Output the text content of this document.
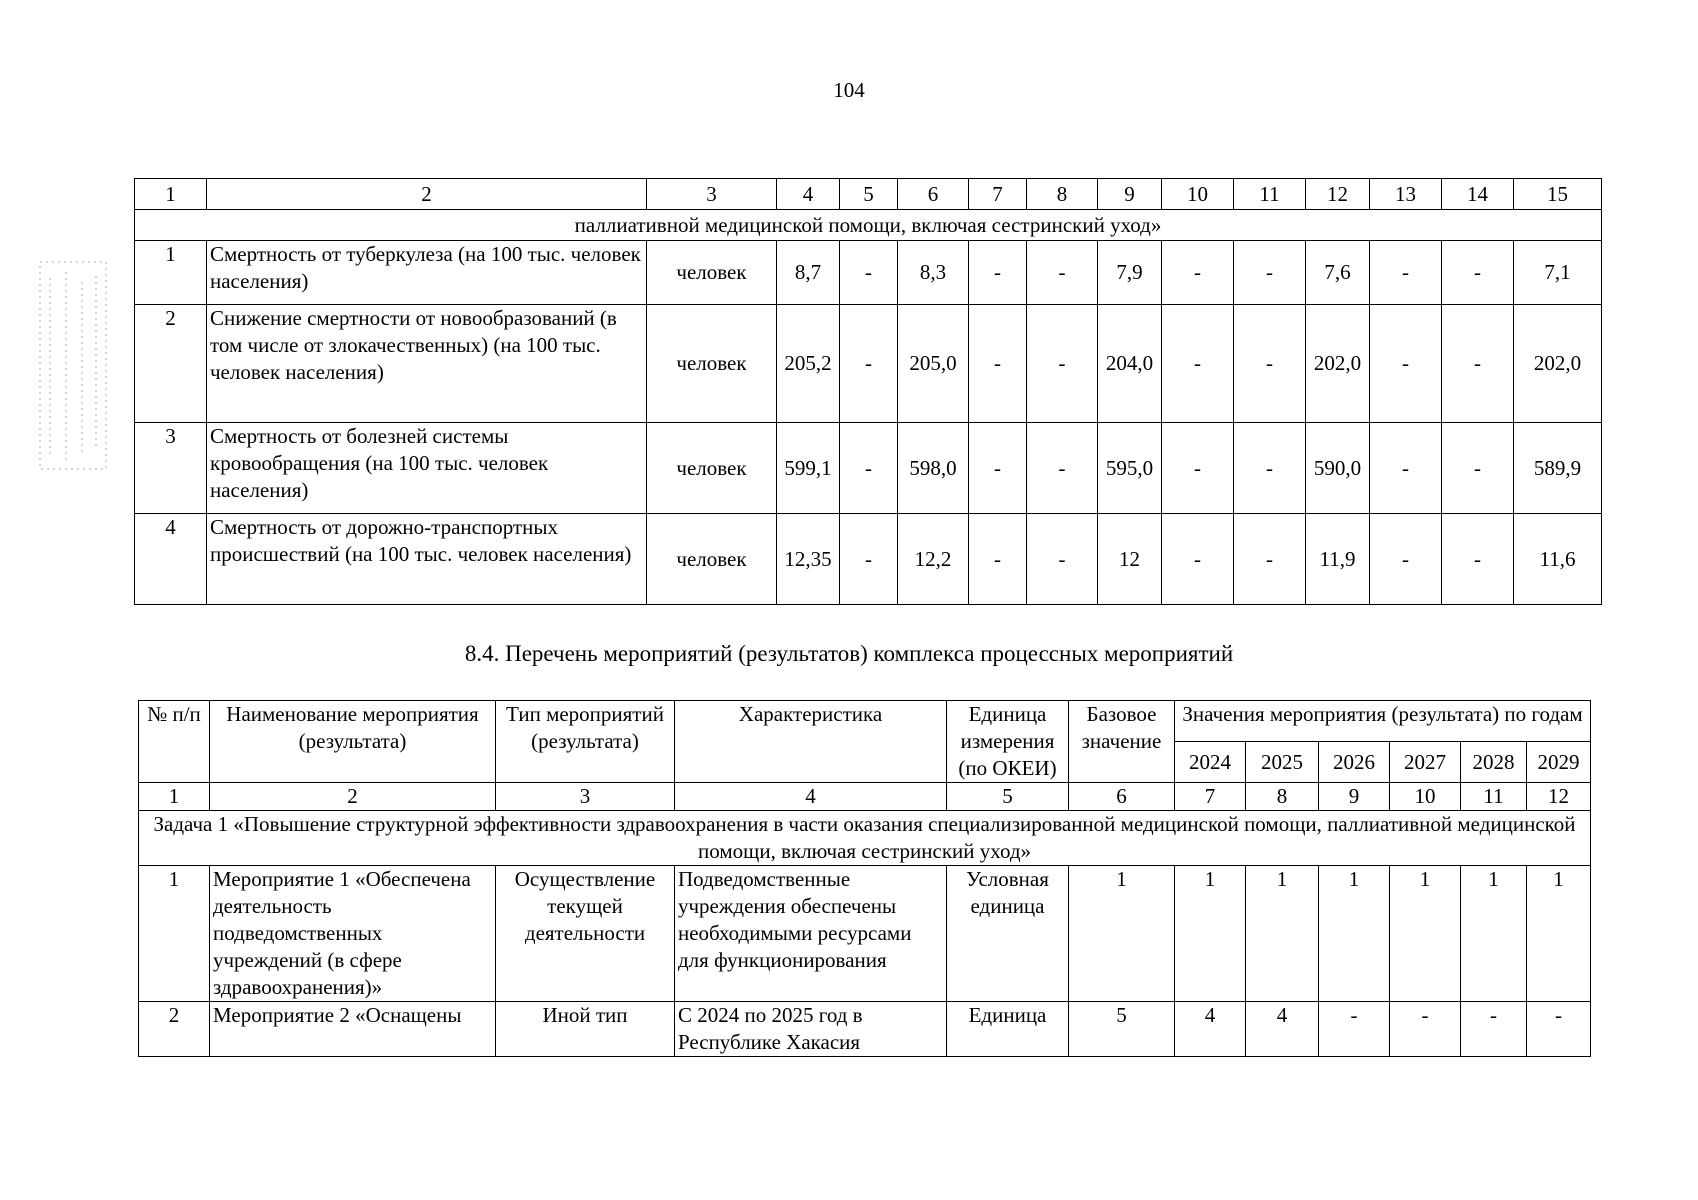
104
1	2	3	4	5	6	7	8	9	10	11	12	13	14	15
паллиативной медицинской помощи, включая сестринский уход»														
1	Смертность от туберкулеза (на 100 тыс. человек населения)	человек	8,7	-	8,3	-	-	7,9	-	-	7,6	-	-	7,1
2	Снижение смертности от новообразований (в том числе от злокачественных) (на 100 тыс. человек населения)	человек	205,2	-	205,0	-	-	204,0	-	-	202,0	-	-	202,0
3	Смертность от болезней системы кровообращения (на 100 тыс. человек населения)	человек	599,1	-	598,0	-	-	595,0	-	-	590,0	-	-	589,9
4	Смертность от дорожно-транспортных происшествий (на 100 тыс. человек населения)	человек	12,35	-	12,2	-	-	12	-	-	11,9	-	-	11,6
8.4. Перечень мероприятий (результатов) комплекса процессных мероприятий
№ п/п	Наименование мероприятия (результата)	Тип мероприятий (результата)	Характеристика	Единица измерения (по ОКЕИ)	Базовое значение	Значения мероприятия (результата) по годам					
						2024	2025	2026	2027	2028	2029
1	2	3	4	5	6	7	8	9	10	11	12
Задача 1 «Повышение структурной эффективности здравоохранения в части оказания специализированной медицинской помощи, паллиативной медицинской помощи, включая сестринский уход»											
1	Мероприятие 1 «Обеспечена деятельность подведомственных учреждений (в сфере здравоохранения)»	Осуществление текущей деятельности	Подведомственные учреждения обеспечены необходимыми ресурсами для функционирования	Условная единица	1	1	1	1	1	1	1
2	Мероприятие 2 «Оснащены	Иной тип	С 2024 по 2025 год в Республике Хакасия	Единица	5	4	4	-	-	-	-
